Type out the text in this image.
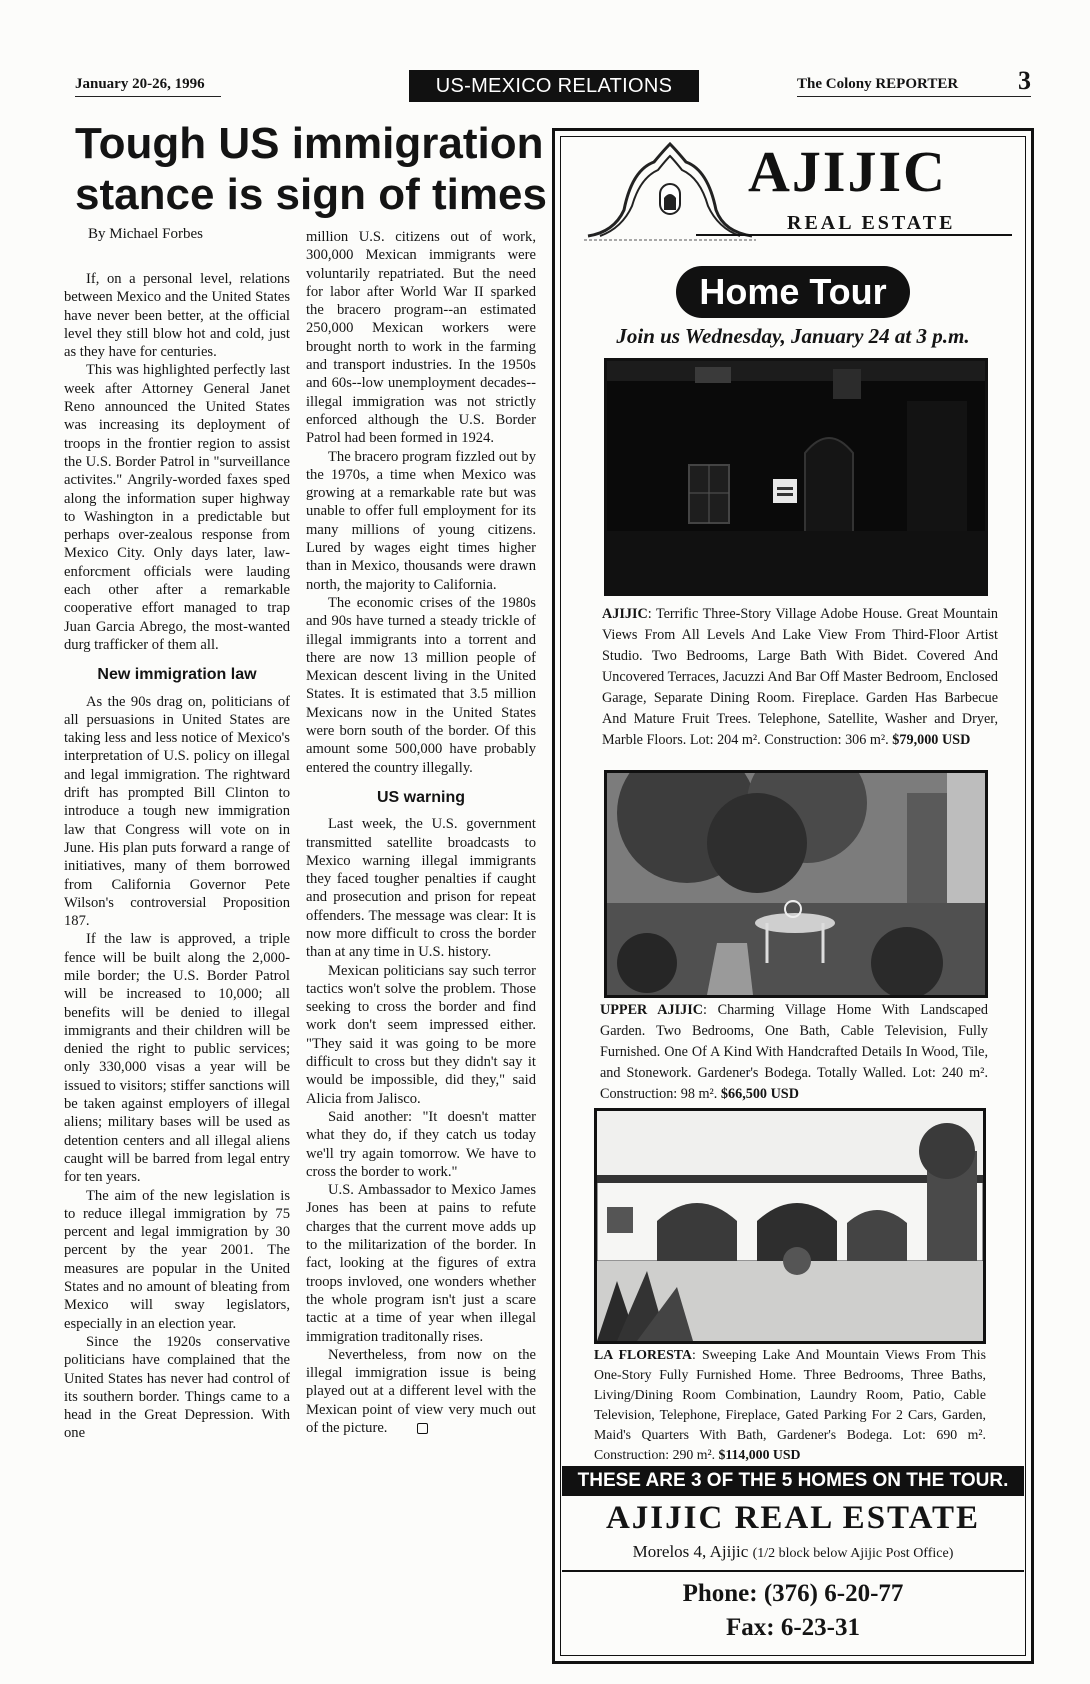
January 20-26, 1996	US-MEXICO RELATIONS	The Colony REPORTER 3
Tough US immigration
stance is sign of times
By Michael Forbes

If, on a personal level, relations between Mexico and the United States have never been better, at the official level they still blow hot and cold, just as they have for centuries.

This was highlighted perfectly last week after Attorney General Janet Reno announced the United States was increasing its deployment of troops in the frontier region to assist the U.S. Border Patrol in "surveillance activites." Angrily-worded faxes sped along the information super highway to Washington in a predictable but perhaps over-zealous response from Mexico City. Only days later, law-enforcment officials were lauding each other after a remarkable cooperative effort managed to trap Juan Garcia Abrego, the most-wanted durg trafficker of them all.

New immigration law

As the 90s drag on, politicians of all persuasions in United States are taking less and less notice of Mexico's interpretation of U.S. policy on illegal and legal immigration. The rightward drift has prompted Bill Clinton to introduce a tough new immigration law that Congress will vote on in June. His plan puts forward a range of initiatives, many of them borrowed from California Governor Pete Wilson's controversial Proposition 187.

If the law is approved, a triple fence will be built along the 2,000-mile border; the U.S. Border Patrol will be increased to 10,000; all benefits will be denied to illegal immigrants and their children will be denied the right to public services; only 330,000 visas a year will be issued to visitors; stiffer sanctions will be taken against employers of illegal aliens; military bases will be used as detention centers and all illegal aliens caught will be barred from legal entry for ten years.

The aim of the new legislation is to reduce illegal immigration by 75 percent and legal immigration by 30 percent by the year 2001. The measures are popular in the United States and no amount of bleating from Mexico will sway legislators, especially in an election year.

Since the 1920s conservative politicians have complained that the United States has never had control of its southern border. Things came to a head in the Great Depression. With one

million U.S. citizens out of work, 300,000 Mexican immigrants were voluntarily repatriated. But the need for labor after World War II sparked the bracero program--an estimated 250,000 Mexican workers were brought north to work in the farming and transport industries. In the 1950s and 60s--low unemployment decades--illegal immigration was not strictly enforced although the U.S. Border Patrol had been formed in 1924.

The bracero program fizzled out by the 1970s, a time when Mexico was growing at a remarkable rate but was unable to offer full employment for its many millions of young citizens. Lured by wages eight times higher than in Mexico, thousands were drawn north, the majority to California.

The economic crises of the 1980s and 90s have turned a steady trickle of illegal immigrants into a torrent and there are now 13 million people of Mexican descent living in the United States. It is estimated that 3.5 million Mexicans now in the United States were born south of the border. Of this amount some 500,000 have probably entered the country illegally.

US warning

Last week, the U.S. government transmitted satellite broadcasts to Mexico warning illegal immigrants they faced tougher penalties if caught and prosecution and prison for repeat offenders. The message was clear: It is now more difficult to cross the border than at any time in U.S. history.

Mexican politicians say such terror tactics won't solve the problem. Those seeking to cross the border and find work don't seem impressed either. "They said it was going to be more difficult to cross but they didn't say it would be impossible, did they," said Alicia from Jalisco.

Said another: "It doesn't matter what they do, if they catch us today we'll try again tomorrow. We have to cross the border to work."

U.S. Ambassador to Mexico James Jones has been at pains to refute charges that the current move adds up to the militarization of the border. In fact, looking at the figures of extra troops invloved, one wonders whether the whole program isn't just a scare tactic at a time of year when illegal immigration traditonally rises.

Nevertheless, from now on the illegal immigration issue is being played out at a different level with the Mexican point of view very much out of the picture.

AJIJIC
REAL ESTATE
Home Tour
Join us Wednesday, January 24 at 3 p.m.
AJIJIC: Terrific Three-Story Village Adobe House. Great Mountain Views From All Levels And Lake View From Third-Floor Artist Studio. Two Bedrooms, Large Bath With Bidet. Covered And Uncovered Terraces, Jacuzzi And Bar Off Master Bedroom, Enclosed Garage, Separate Dining Room. Fireplace. Garden Has Barbecue And Mature Fruit Trees. Telephone, Satellite, Washer and Dryer, Marble Floors. Lot: 204 m². Construction: 306 m². $79,000 USD
UPPER AJIJIC: Charming Village Home With Landscaped Garden. Two Bedrooms, One Bath, Cable Television, Fully Furnished. One Of A Kind With Handcrafted Details In Wood, Tile, and Stonework. Gardener's Bodega. Totally Walled. Lot: 240 m². Construction: 98 m². $66,500 USD
LA FLORESTA: Sweeping Lake And Mountain Views From This One-Story Fully Furnished Home. Three Bedrooms, Three Baths, Living/Dining Room Combination, Laundry Room, Patio, Cable Television, Telephone, Fireplace, Gated Parking For 2 Cars, Garden, Maid's Quarters With Bath, Gardener's Bodega. Lot: 690 m². Construction: 290 m². $114,000 USD
THESE ARE 3 OF THE 5 HOMES ON THE TOUR.
AJIJIC REAL ESTATE
Morelos 4, Ajijic (1/2 block below Ajijic Post Office)
Phone: (376) 6-20-77
Fax: 6-23-31
